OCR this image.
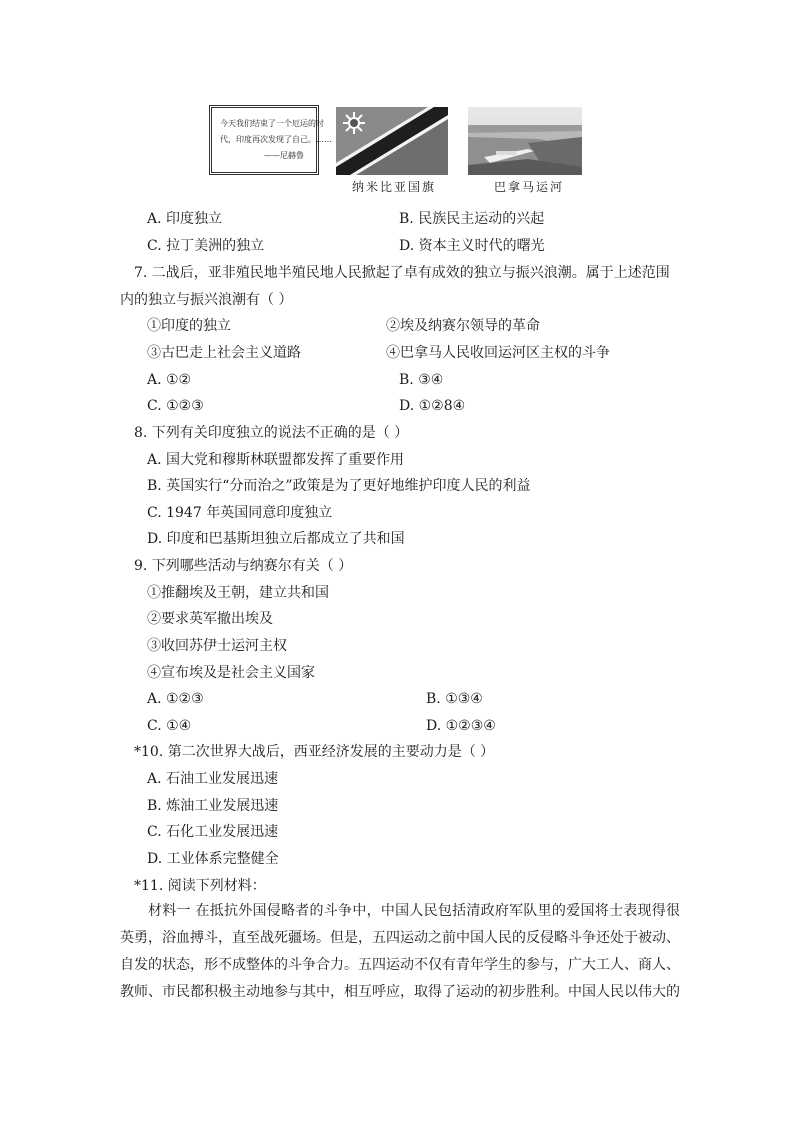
今天我们结束了一个厄运的时
代，印度再次发现了自己。……
——尼赫鲁
纳米比亚国旗	巴拿马运河
A. 印度独立	B. 民族民主运动的兴起
C. 拉丁美洲的独立	D. 资本主义时代的曙光
7. 二战后，亚非殖民地半殖民地人民掀起了卓有成效的独立与振兴浪潮。属于上述范围
内的独立与振兴浪潮有（ ）
①印度的独立	②埃及纳赛尔领导的革命
③古巴走上社会主义道路	④巴拿马人民收回运河区主权的斗争
A. ①②	B. ③④
C. ①②③	D. ①②8④
8. 下列有关印度独立的说法不正确的是（ ）
A. 国大党和穆斯林联盟都发挥了重要作用
B. 英国实行“分而治之”政策是为了更好地维护印度人民的利益
C. 1947 年英国同意印度独立
D. 印度和巴基斯坦独立后都成立了共和国
9. 下列哪些活动与纳赛尔有关（ ）
①推翻埃及王朝，建立共和国
②要求英军撤出埃及
③收回苏伊士运河主权
④宣布埃及是社会主义国家
A. ①②③	B. ①③④
C. ①④	D. ①②③④
*10. 第二次世界大战后，西亚经济发展的主要动力是（ ）
A. 石油工业发展迅速
B. 炼油工业发展迅速
C. 石化工业发展迅速
D. 工业体系完整健全
*11. 阅读下列材料：
材料一 在抵抗外国侵略者的斗争中，中国人民包括清政府军队里的爱国将士表现得很英勇，浴血搏斗，直至战死疆场。但是，五四运动之前中国人民的反侵略斗争还处于被动、自发的状态，形不成整体的斗争合力。五四运动不仅有青年学生的参与，广大工人、商人、教师、市民都积极主动地参与其中，相互呼应，取得了运动的初步胜利。中国人民以伟大的
